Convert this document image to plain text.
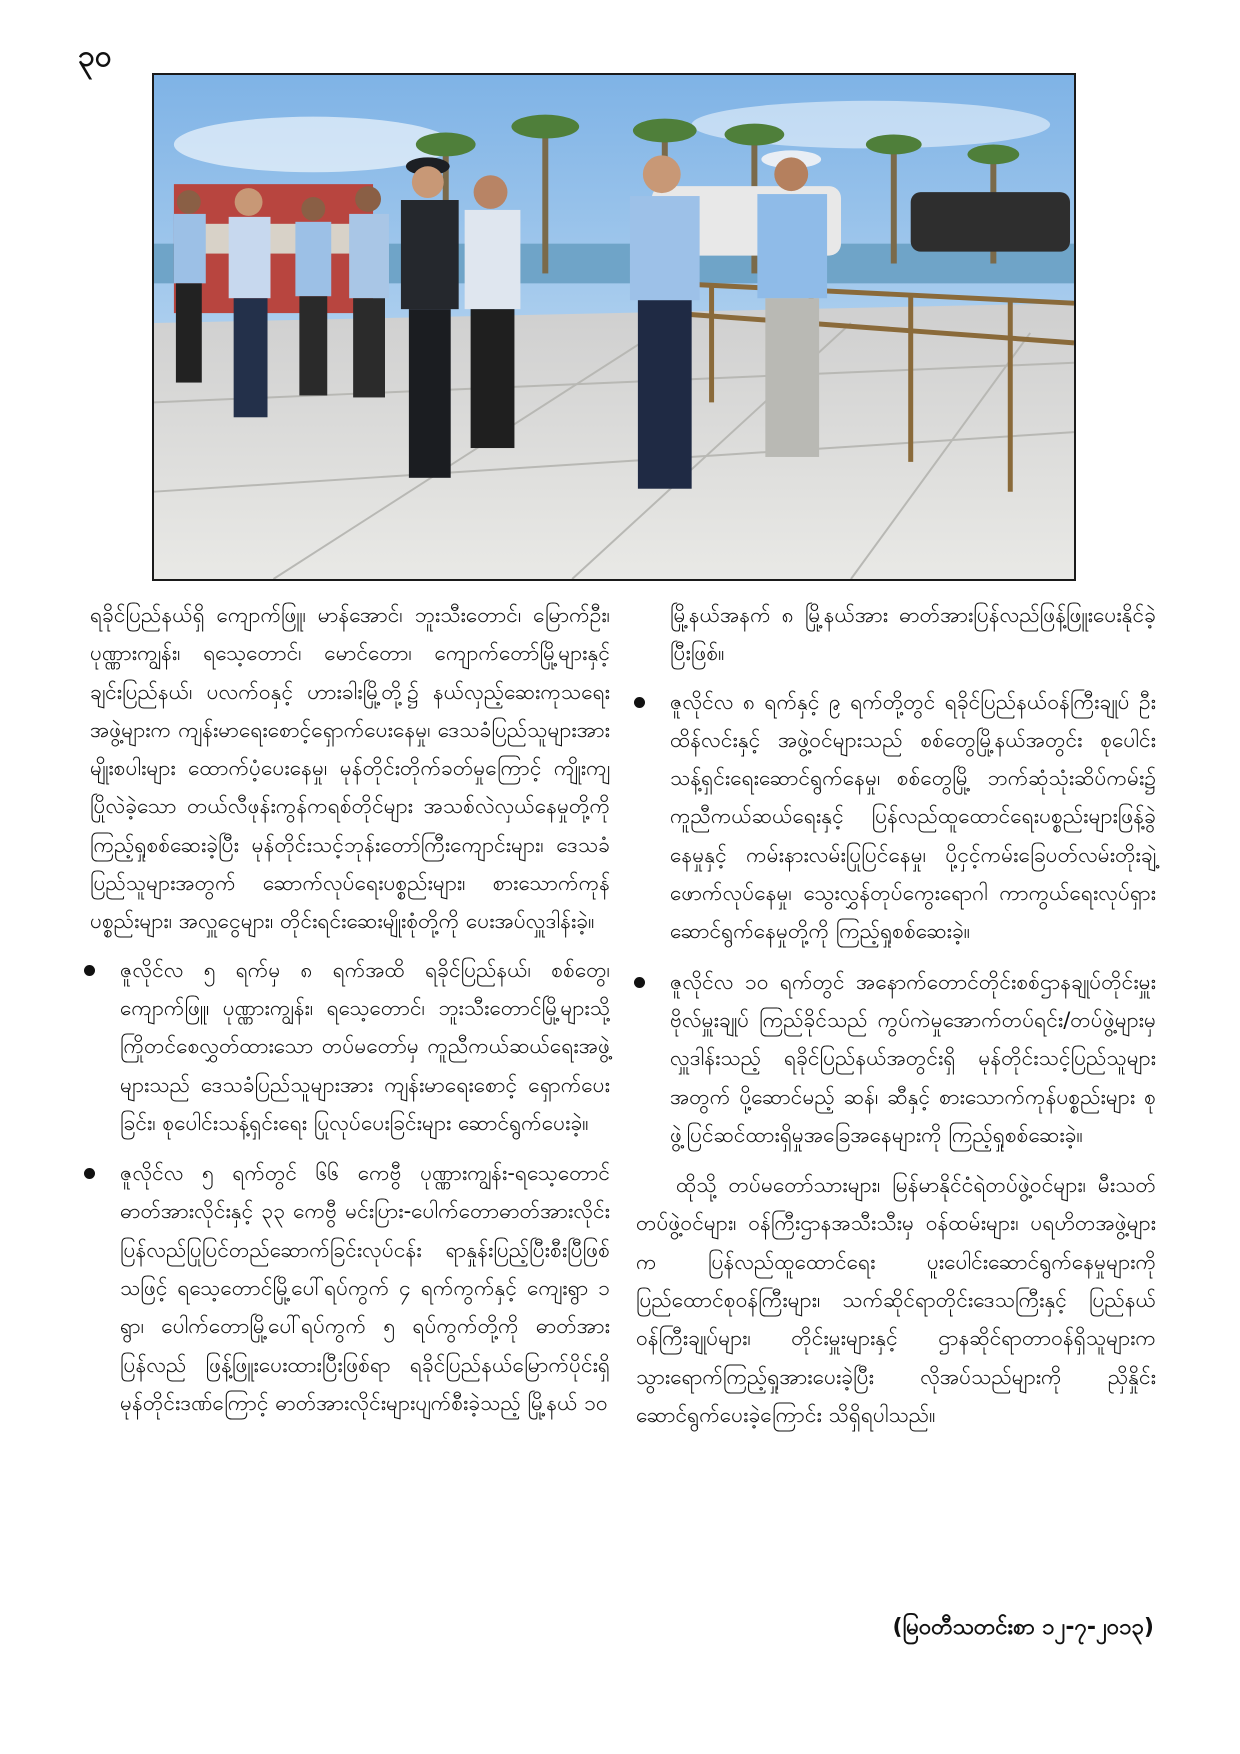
၃၀

ရခိုင်ပြည်နယ်ရှိ ကျောက်ဖြူ၊ မာန်အောင်၊ ဘူးသီးတောင်၊ မြောက်ဦး၊ ပုဏ္ဏားကျွန်း၊ ရသေ့တောင်၊ မောင်တော၊ ကျောက်တော်မြို့များနှင့် ချင်းပြည်နယ်၊ ပလက်ဝနှင့် ဟားခါးမြို့တို့၌ နယ်လှည့်ဆေးကုသရေးအဖွဲ့များက ကျန်းမာရေးစောင့်ရှောက်ပေးနေမှု၊ ဒေသခံပြည်သူများအား မျိုးစပါးများ ထောက်ပံ့ပေးနေမှု၊ မုန်တိုင်းတိုက်ခတ်မှုကြောင့် ကျိုးကျပြိုလဲခဲ့သော တယ်လီဖုန်းကွန်ကရစ်တိုင်များ အသစ်လဲလှယ်နေမှုတို့ကို ကြည့်ရှုစစ်ဆေးခဲ့ပြီး မုန်တိုင်းသင့်ဘုန်းတော်ကြီးကျောင်းများ၊ ဒေသခံပြည်သူများအတွက် ဆောက်လုပ်ရေးပစ္စည်းများ၊ စားသောက်ကုန်ပစ္စည်းများ၊ အလှူငွေများ၊ တိုင်းရင်းဆေးမျိုးစုံတို့ကို ပေးအပ်လှူဒါန်းခဲ့။

ဇူလိုင်လ ၅ ရက်မှ ၈ ရက်အထိ ရခိုင်ပြည်နယ်၊ စစ်တွေ၊ ကျောက်ဖြူ၊ ပုဏ္ဏားကျွန်း၊ ရသေ့တောင်၊ ဘူးသီးတောင်မြို့များသို့ ကြိုတင်စေလွှတ်ထားသော တပ်မတော်မှ ကူညီကယ်ဆယ်ရေးအဖွဲ့များသည် ဒေသခံပြည်သူများအား ကျန်းမာရေးစောင့် ရှောက်ပေးခြင်း၊ စုပေါင်းသန့်ရှင်းရေး ပြုလုပ်ပေးခြင်းများ ဆောင်ရွက်ပေးခဲ့။
ဇူလိုင်လ ၅ ရက်တွင် ၆၆ ကေဗွီ ပုဏ္ဏားကျွန်း-ရသေ့တောင် ဓာတ်အားလိုင်းနှင့် ၃၃ ကေဗွီ မင်းပြား-ပေါက်တောဓာတ်အားလိုင်းပြန်လည်ပြုပြင်တည်ဆောက်ခြင်းလုပ်ငန်း ရာနှုန်းပြည့်ပြီးစီးပြီဖြစ်သဖြင့် ရသေ့တောင်မြို့ပေါ်ရပ်ကွက် ၄ ရက်ကွက်နှင့် ကျေးရွာ ၁ ရွာ၊ ပေါက်တောမြို့ပေါ်ရပ်ကွက် ၅ ရပ်ကွက်တို့ကို ဓာတ်အားပြန်လည် ဖြန့်ဖြူးပေးထားပြီးဖြစ်ရာ ရခိုင်ပြည်နယ်မြောက်ပိုင်းရှိ မုန်တိုင်းဒဏ်ကြောင့် ဓာတ်အားလိုင်းများပျက်စီးခဲ့သည့် မြို့နယ် ၁၀

မြို့နယ်အနက် ၈ မြို့နယ်အား ဓာတ်အားပြန်လည်ဖြန့်ဖြူးပေးနိုင်ခဲ့ပြီးဖြစ်။

ဇူလိုင်လ ၈ ရက်နှင့် ၉ ရက်တို့တွင် ရခိုင်ပြည်နယ်ဝန်ကြီးချုပ် ဦးထိန်လင်းနှင့် အဖွဲ့ဝင်များသည် စစ်တွေမြို့နယ်အတွင်း စုပေါင်းသန့်ရှင်းရေးဆောင်ရွက်နေမှု၊ စစ်တွေမြို့ ဘက်ဆုံသုံးဆိပ်ကမ်း၌ ကူညီကယ်ဆယ်ရေးနှင့် ပြန်လည်ထူထောင်ရေးပစ္စည်းများဖြန့်ခွဲနေမှုနှင့် ကမ်းနားလမ်းပြုပြင်နေမှု၊ ပို့ငှင့်ကမ်းခြေပတ်လမ်းတိုးချဲ့ဖောက်လုပ်နေမှု၊ သွေးလွှန်တုပ်ကွေးရောဂါ ကာကွယ်ရေးလုပ်ရှားဆောင်ရွက်နေမှုတို့ကို ကြည့်ရှုစစ်ဆေးခဲ့။
ဇူလိုင်လ ၁၀ ရက်တွင် အနောက်တောင်တိုင်းစစ်ဌာနချုပ်တိုင်းမှူး ဗိုလ်မှူးချုပ် ကြည်ခိုင်သည် ကွပ်ကဲမှုအောက်တပ်ရင်း/တပ်ဖွဲ့များမှ လှူဒါန်းသည့် ရခိုင်ပြည်နယ်အတွင်းရှိ မုန်တိုင်းသင့်ပြည်သူများအတွက် ပို့ဆောင်မည့် ဆန်၊ ဆီနှင့် စားသောက်ကုန်ပစ္စည်းများ စုဖွဲ့ပြင်ဆင်ထားရှိမှုအခြေအနေများကို ကြည့်ရှုစစ်ဆေးခဲ့။

ထိုသို့ တပ်မတော်သားများ၊ မြန်မာနိုင်ငံရဲတပ်ဖွဲ့ဝင်များ၊ မီးသတ်တပ်ဖွဲ့ဝင်များ၊ ဝန်ကြီးဌာနအသီးသီးမှ ဝန်ထမ်းများ၊ ပရဟိတအဖွဲ့များက ပြန်လည်ထူထောင်ရေး ပူးပေါင်းဆောင်ရွက်နေမှုများကို ပြည်ထောင်စုဝန်ကြီးများ၊ သက်ဆိုင်ရာတိုင်းဒေသကြီးနှင့် ပြည်နယ်ဝန်ကြီးချုပ်များ၊ တိုင်းမှူးများနှင့် ဌာနဆိုင်ရာတာဝန်ရှိသူများက သွားရောက်ကြည့်ရှုအားပေးခဲ့ပြီး လိုအပ်သည်များကို ညှိနှိုင်းဆောင်ရွက်ပေးခဲ့ကြောင်း သိရှိရပါသည်။

(မြဝတီသတင်းစာ ၁၂-၇-၂၀၁၃)
